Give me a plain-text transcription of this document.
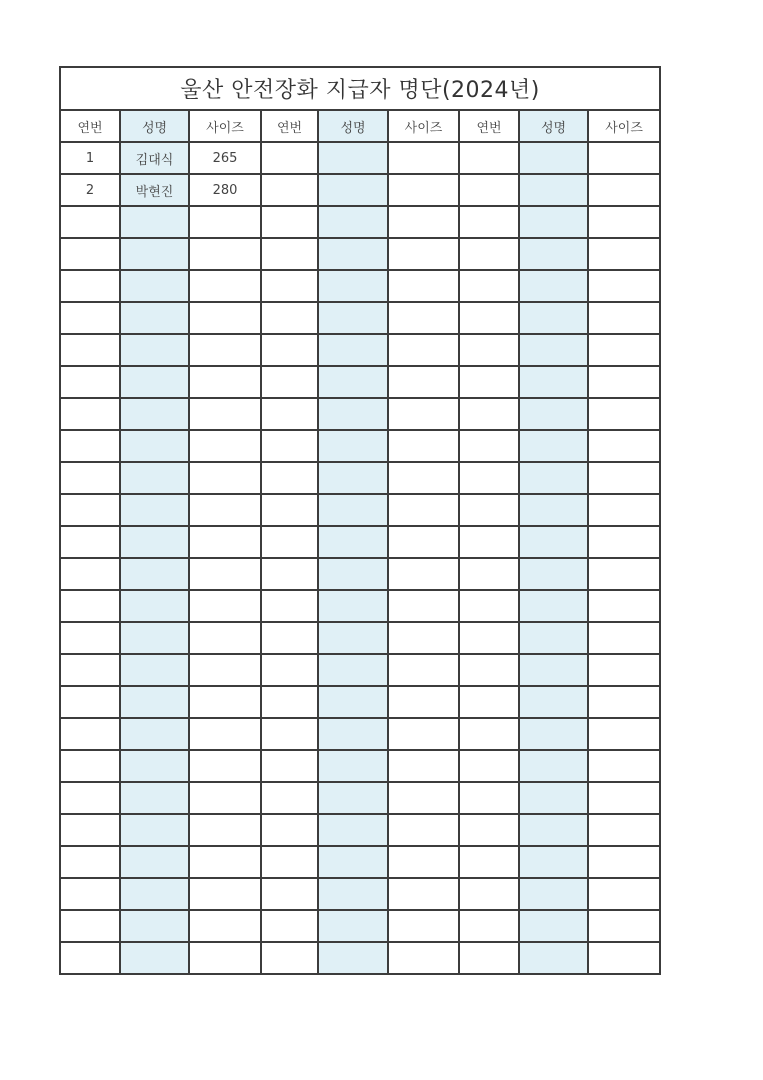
울산 안전장화 지급자 명단(2024년)								
연번	성명	사이즈	연번	성명	사이즈	연번	성명	사이즈
1	김대식	265						
2	박현진	280						
